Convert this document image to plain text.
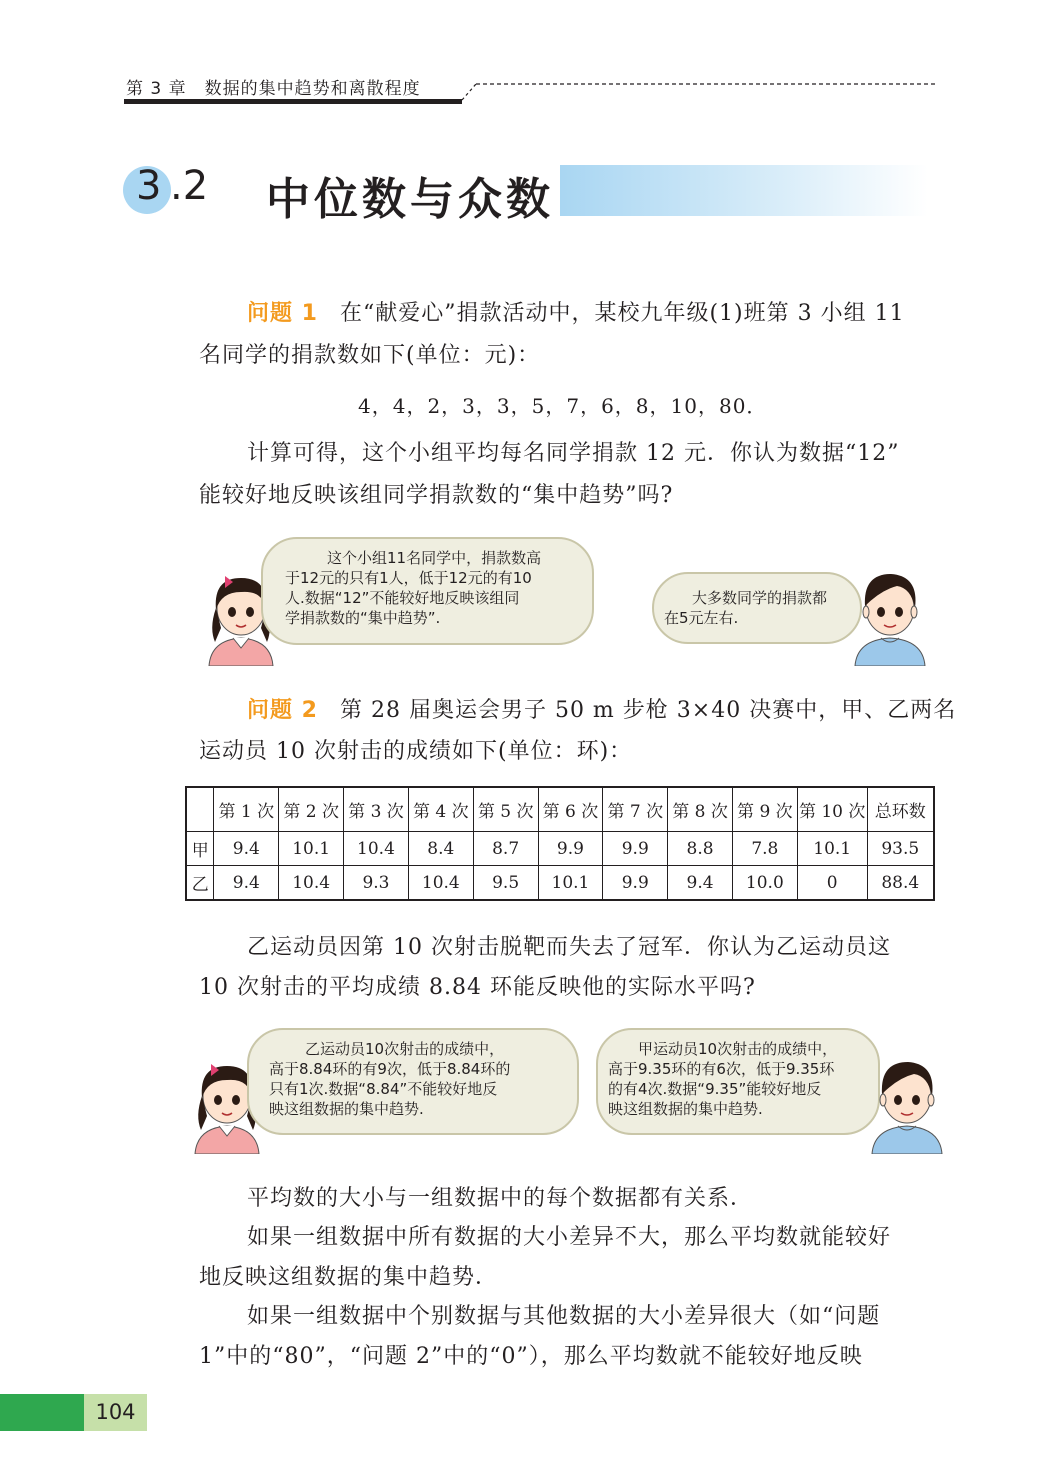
第 3 章　数据的集中趋势和离散程度
3 .2 中位数与众数
问题 1 在“献爱心”捐款活动中，某校九年级(1)班第 3 小组 11
名同学的捐款数如下(单位：元)：
4，4，2，3，3，5，7，6，8，10，80．
计算可得，这个小组平均每名同学捐款 12 元．你认为数据“12”
能较好地反映该组同学捐款数的“集中趋势”吗?
这个小组11名同学中，捐款数高
于12元的只有1人，低于12元的有10
人.数据“12”不能较好地反映该组同
学捐款数的“集中趋势”.
大多数同学的捐款都
在5元左右.
问题 2 第 28 届奥运会男子 50 m 步枪 3×40 决赛中，甲、乙两名
运动员 10 次射击的成绩如下(单位：环)：
	第 1 次	第 2 次	第 3 次	第 4 次	第 5 次	第 6 次	第 7 次	第 8 次	第 9 次	第 10 次	总环数
甲	9.4	10.1	10.4	8.4	8.7	9.9	9.9	8.8	7.8	10.1	93.5
乙	9.4	10.4	9.3	10.4	9.5	10.1	9.9	9.4	10.0	0	88.4
乙运动员因第 10 次射击脱靶而失去了冠军．你认为乙运动员这
10 次射击的平均成绩 8.84 环能反映他的实际水平吗?
乙运动员10次射击的成绩中，
高于8.84环的有9次，低于8.84环的
只有1次.数据“8.84”不能较好地反
映这组数据的集中趋势.
甲运动员10次射击的成绩中，
高于9.35环的有6次，低于9.35环
的有4次.数据“9.35”能较好地反
映这组数据的集中趋势.
平均数的大小与一组数据中的每个数据都有关系．
如果一组数据中所有数据的大小差异不大，那么平均数就能较好
地反映这组数据的集中趋势．
如果一组数据中个别数据与其他数据的大小差异很大（如“问题
1”中的“80”，“问题 2”中的“0”），那么平均数就不能较好地反映
104
